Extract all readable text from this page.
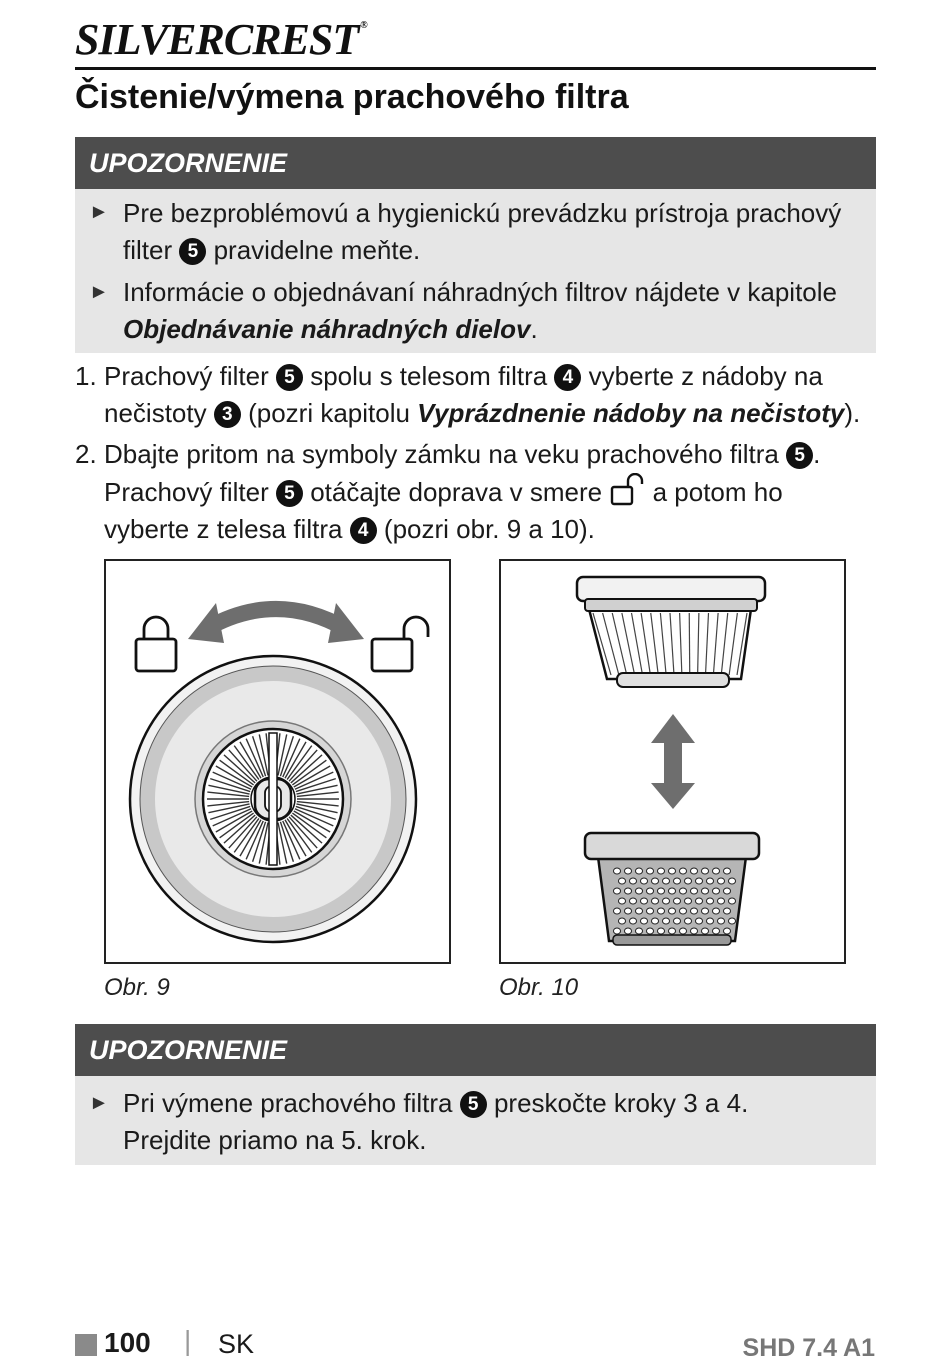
SILVERCREST ®
Čistenie/výmena prachového filtra
UPOZORNENIE
► Pre bezproblémovú a hygienickú prevádzku prístroja prachový
filter 5 pravidelne meňte.
► Informácie o objednávaní náhradných filtrov nájdete v kapitole
Objednávanie náhradných dielov.
1. Prachový filter 5 spolu s telesom filtra 4 vyberte z nádoby na
nečistoty 3 (pozri kapitolu Vyprázdnenie nádoby na nečistoty).
2. Dbajte pritom na symboly zámku na veku prachového filtra 5 .
Prachový filter 5 otáčajte doprava v smere a potom ho
vyberte z telesa filtra 4 (pozri obr. 9 a 10).
Obr. 9	Obr. 10
UPOZORNENIE
► Pri výmene prachového filtra 5 preskočte kroky 3 a 4.
Prejdite priamo na 5. krok.
100 | SK	SHD 7.4 A1
